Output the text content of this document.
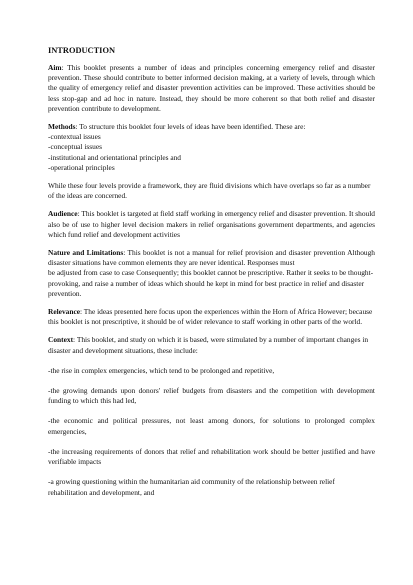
INTRODUCTION

Aim: This booklet presents a number of ideas and principles concerning emergency relief and disaster prevention. These should contribute to better informed decision making, at a variety of levels, through which the quality of emergency relief and disaster prevention activities can be improved. These activities should be less stop-gap and ad hoc in nature. Instead, they should be more coherent so that both relief and disaster prevention contribute to development.

Methods: To structure this booklet four levels of ideas have been identified. These are:

-contextual issues
-conceptual issues
-institutional and orientational principles and
-operational principles

While these four levels provide a framework, they are fluid divisions which have overlaps so far as a number of the ideas are concerned.

Audience: This booklet is targeted at field staff working in emergency relief and disaster prevention. It should also be of use to higher level decision makers in relief organisations government departments, and agencies which fund relief and development activities

Nature and Limitations: This booklet is not a manual for relief provision and disaster prevention Although disaster situations have common elements they are never identical. Responses must

be adjusted from case to case Consequently; this booklet cannot be prescriptive. Rather it seeks to be thought-provoking, and raise a number of ideas which should he kept in mind for best practice in relief and disaster prevention.

Relevance: The ideas presented here focus upon the experiences within the Horn of Africa However; because this booklet is not prescriptive, it should be of wider relevance to staff working in other parts of the world.

Context: This booklet, and study on which it is based, were stimulated by a number of important changes in disaster and development situations, these include:

-the rise in complex emergencies, which tend to be prolonged and repetitive,

-the growing demands upon donors' relief budgets from disasters and the competition with development funding to which this had led,

-the economic and political pressures, not least among donors, for solutions to prolonged complex emergencies,

-the increasing requirements of donors that relief and rehabilitation work should be better justified and have verifiable impacts

-a growing questioning within the humanitarian aid community of the relationship between relief rehabilitation and development, and
